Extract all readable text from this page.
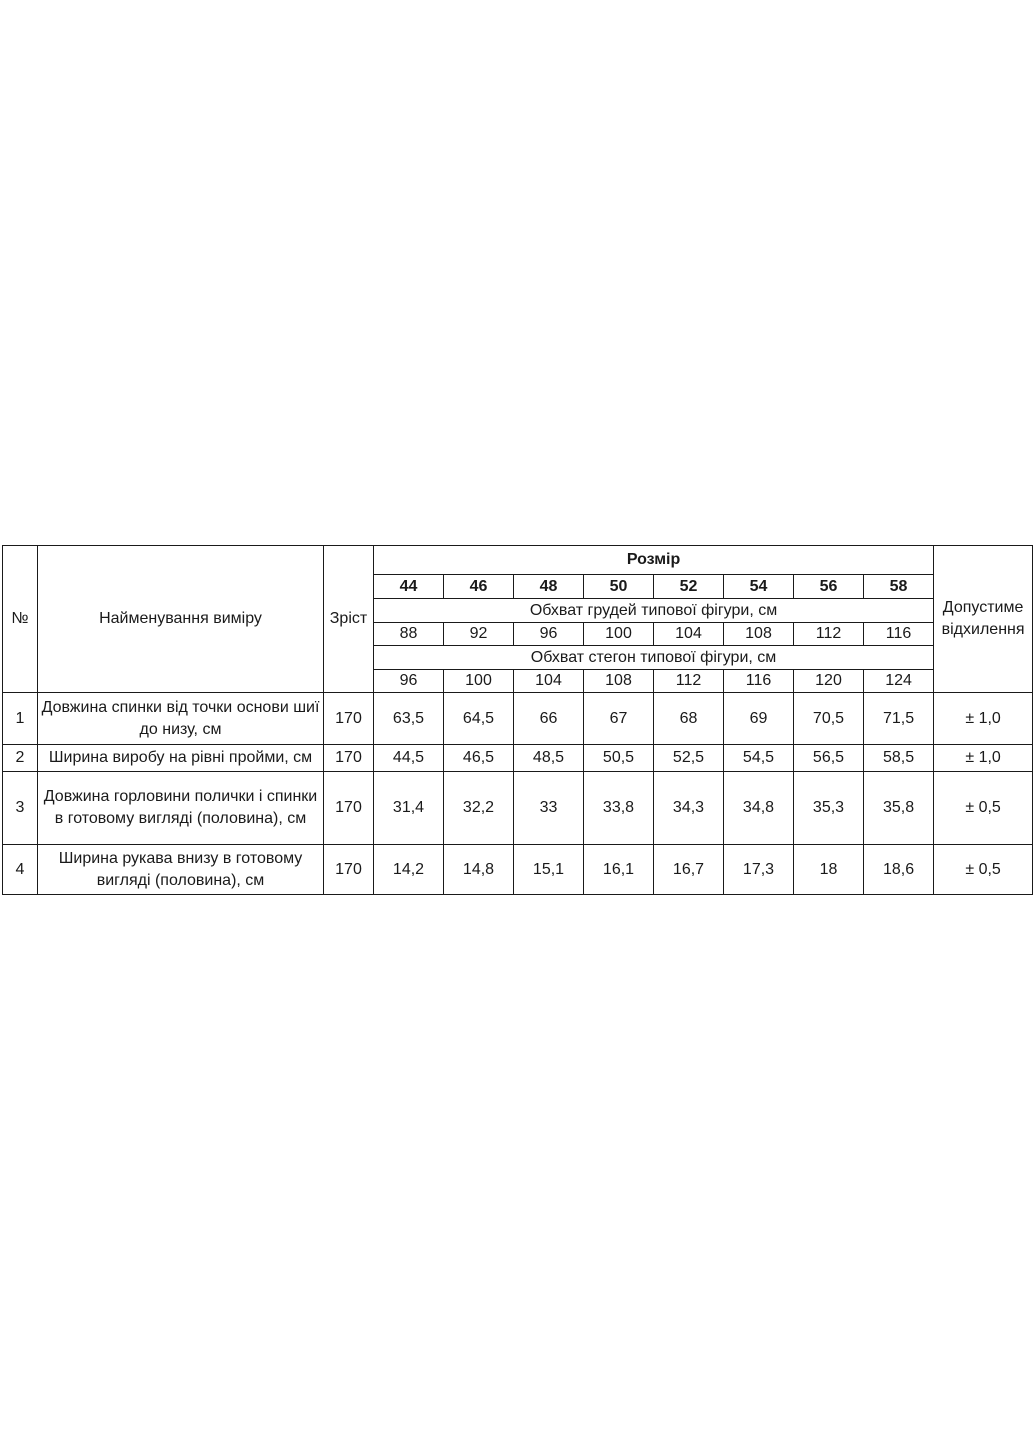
№	Найменування виміру	Зріст	Розмір								Допустиме відхилення
			44	46	48	50	52	54	56	58	
			Обхват грудей типової фігури, см								
			88	92	96	100	104	108	112	116	
			Обхват стегон типової фігури, см								
			96	100	104	108	112	116	120	124	
1	Довжина спинки від точки основи шиї до низу, см	170	63,5	64,5	66	67	68	69	70,5	71,5	± 1,0
2	Ширина виробу на рівні пройми, см	170	44,5	46,5	48,5	50,5	52,5	54,5	56,5	58,5	± 1,0
3	Довжина горловини полички і спинки в готовому вигляді (половина), см	170	31,4	32,2	33	33,8	34,3	34,8	35,3	35,8	± 0,5
4	Ширина рукава внизу в готовому вигляді (половина), см	170	14,2	14,8	15,1	16,1	16,7	17,3	18	18,6	± 0,5
